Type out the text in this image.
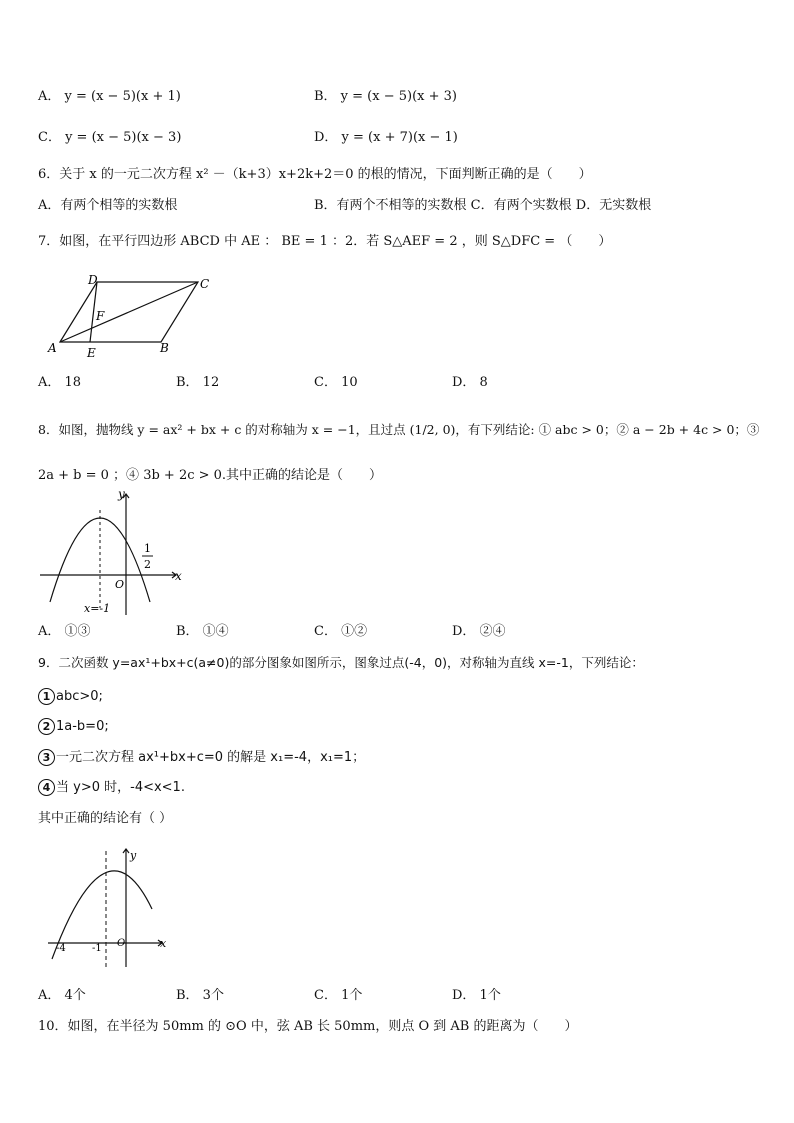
A． y = (x − 5)(x + 1)	B． y = (x − 5)(x + 3)
C． y = (x − 5)(x − 3)	D． y = (x + 7)(x − 1)
6．关于 x 的一元二次方程 x² －（k+3）x+2k+2＝0 的根的情况，下面判断正确的是（　　）
A．有两个相等的实数根	B．有两个不相等的实数根 C．有两个实数根 D．无实数根
7．如图，在平行四边形 ABCD 中 AE ： BE = 1 ：2．若 S△AEF = 2 ，则 S△DFC = （　　）
A	B
C
D
E
F
A． 18	B． 12	C． 10	D． 8
8．如图，抛物线 y = ax² + bx + c 的对称轴为 x = −1，且过点 (1/2, 0)，有下列结论: ① abc > 0；② a − 2b + 4c > 0；③
2a + b = 0 ；④ 3b + 2c > 0.其中正确的结论是（　　）
y
x
O
1
2
x=-1
A． ①③	B． ①④	C． ①②	D． ②④
9．二次函数 y=ax¹+bx+c(a≠0)的部分图象如图所示，图象过点(-4，0)，对称轴为直线 x=-1，下列结论：
1 abc>0;
2 1a-b=0;
3 一元二次方程 ax¹+bx+c=0 的解是 x₁=-4，x₁=1；
4 当 y>0 时，-4<x<1.
其中正确的结论有（ ）
y
x
O
-4	-1
A． 4个	B． 3个	C． 1个	D． 1个
10．如图，在半径为 50mm 的 ⊙O 中，弦 AB 长 50mm，则点 O 到 AB 的距离为（　　）
